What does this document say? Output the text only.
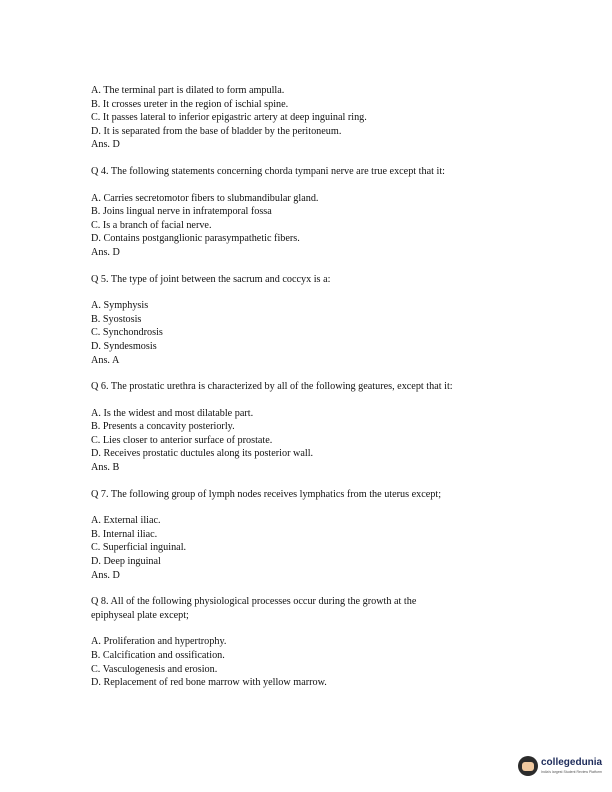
A. The terminal part is dilated to form ampulla.
B. It crosses ureter in the region of ischial spine.
C. It passes lateral to inferior epigastric artery at deep inguinal ring.
D. It is separated from the base of bladder by the peritoneum.
Ans. D
Q 4. The following statements concerning chorda tympani nerve are true except that it:
A. Carries secretomotor fibers to slubmandibular gland.
B. Joins lingual nerve in infratemporal fossa
C. Is a branch of facial nerve.
D. Contains postganglionic parasympathetic fibers.
Ans. D
Q 5. The type of joint between the sacrum and coccyx is a:
A. Symphysis
B. Syostosis
C. Synchondrosis
D. Syndesmosis
Ans. A
Q 6. The prostatic urethra is characterized by all of the following geatures, except that it:
A. Is the widest and most dilatable part.
B. Presents a concavity posteriorly.
C. Lies closer to anterior surface of prostate.
D. Receives prostatic ductules along its posterior wall.
Ans. B
Q 7. The following group of lymph nodes receives lymphatics from the uterus except;
A. External iliac.
B. Internal iliac.
C. Superficial inguinal.
D. Deep inguinal
Ans. D
Q 8. All of the following physiological processes occur during the growth at the
epiphyseal plate except;
A. Proliferation and hypertrophy.
B. Calcification and ossification.
C. Vasculogenesis and erosion.
D. Replacement of red bone marrow with yellow marrow.
collegedunia
India's largest Student Review Platform
